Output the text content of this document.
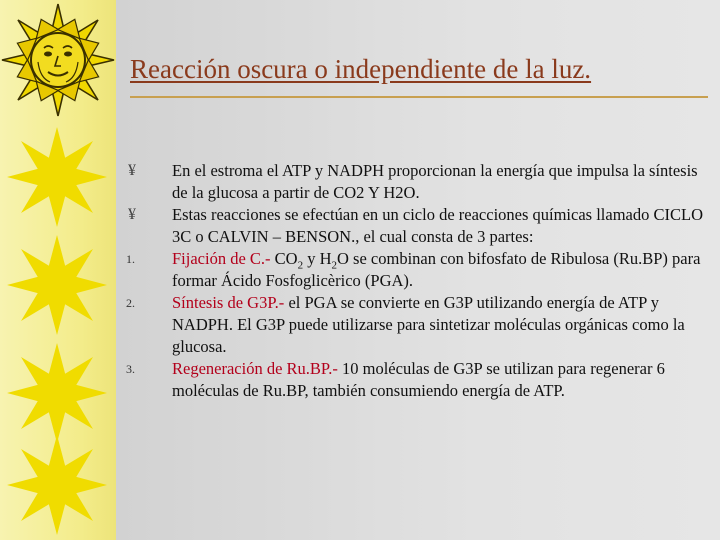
Reacción oscura o independiente de la luz.
¥	En el estroma el ATP y NADPH proporcionan la energía que impulsa la síntesis de la glucosa a partir de CO2 Y H2O.
¥	Estas reacciones se efectúan en un ciclo de reacciones químicas llamado CICLO 3C o CALVIN – BENSON., el cual consta de 3 partes:
1.	Fijación de C.- $CO_2$ y $H_2O$ se combinan con bifosfato de Ribulosa (Ru.BP) para formar Ácido Fosfoglicèrico (PGA).
2.	Síntesis de G3P.- el PGA se convierte en G3P utilizando energía de ATP y NADPH. El G3P puede utilizarse para sintetizar moléculas orgánicas como la glucosa.
3.	Regeneración de Ru.BP.- 10 moléculas de G3P se utilizan para regenerar 6 moléculas de Ru.BP, también consumiendo energía de ATP.
